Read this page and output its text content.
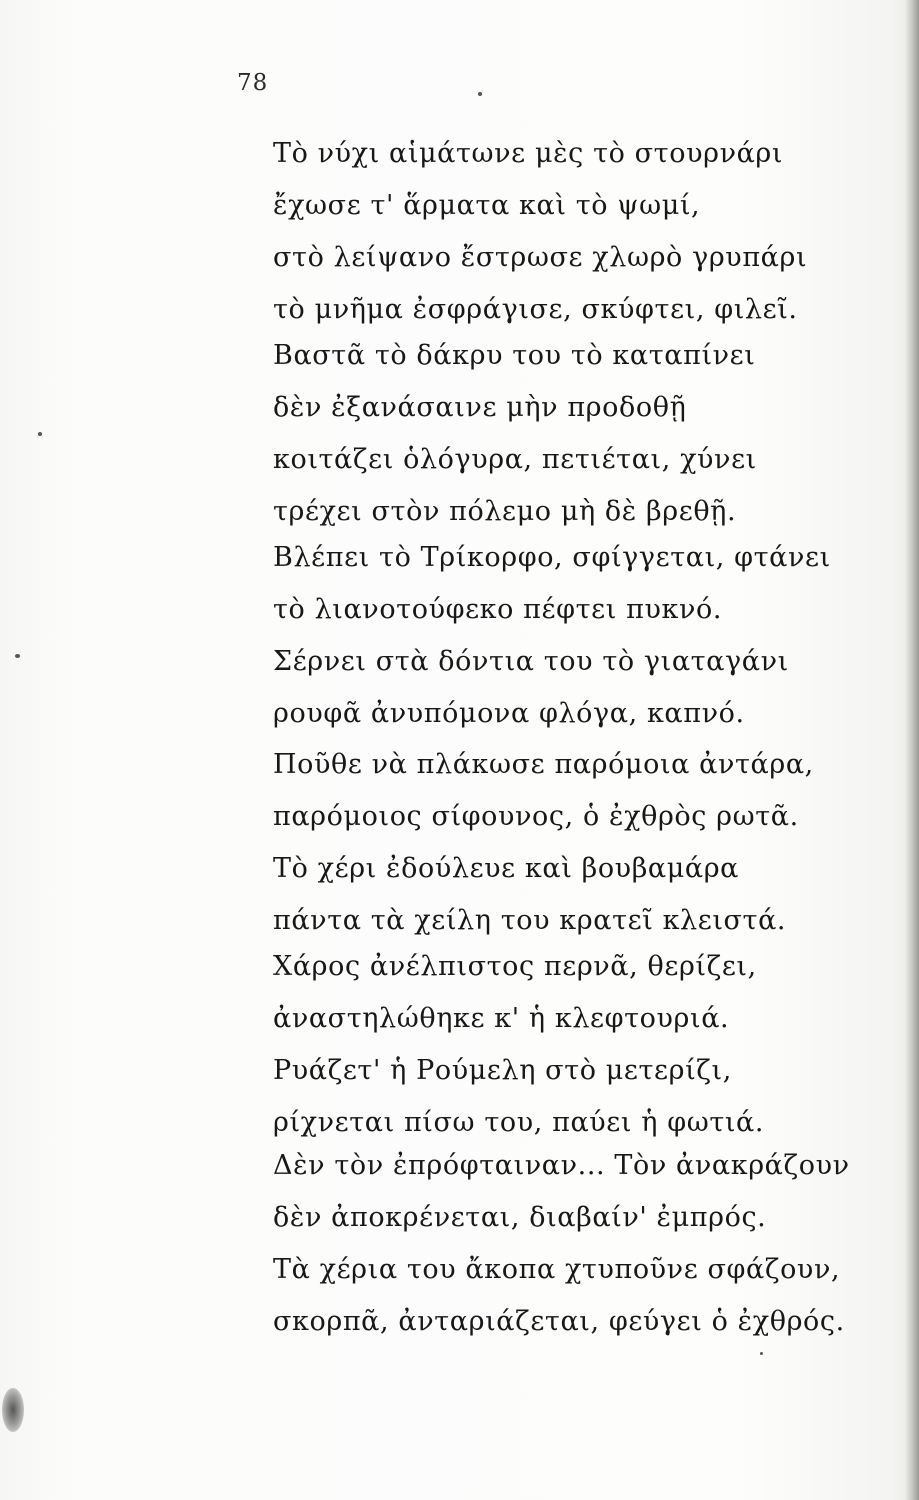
78
Τὸ νύχι αἱμάτωνε μὲς τὸ στουρνάρι
ἔχωσε τ' ἅρματα καὶ τὸ ψωμί,
στὸ λείψανο ἔστρωσε χλωρὸ γρυπάρι
τὸ μνῆμα ἐσφράγισε, σκύφτει, φιλεῖ.
Βαστᾶ τὸ δάκρυ του τὸ καταπίνει
δὲν ἐξανάσαινε μὴν προδοθῇ
κοιτάζει ὁλόγυρα, πετιέται, χύνει
τρέχει στὸν πόλεμο μὴ δὲ βρεθῇ.
Βλέπει τὸ Τρίκορφο, σφίγγεται, φτάνει
τὸ λιανοτούφεκο πέφτει πυκνό.
Σέρνει στὰ δόντια του τὸ γιαταγάνι
ρουφᾶ ἀνυπόμονα φλόγα, καπνό.
Ποῦθε νὰ πλάκωσε παρόμοια ἀντάρα,
παρόμοιος σίφουνος, ὁ ἐχθρὸς ρωτᾶ.
Τὸ χέρι ἐδούλευε καὶ βουβαμάρα
πάντα τὰ χείλη του κρατεῖ κλειστά.
Χάρος ἀνέλπιστος περνᾶ, θερίζει,
ἀναστηλώθηκε κ' ἡ κλεφτουριά.
Ρυάζετ' ἡ Ρούμελη στὸ μετερίζι,
ρίχνεται πίσω του, παύει ἡ φωτιά.
Δὲν τὸν ἐπρόφταιναν... Τὸν ἀνακράζουν
δὲν ἀποκρένεται, διαβαίν' ἐμπρός.
Τὰ χέρια του ἄκοπα χτυποῦνε σφάζουν,
σκορπᾶ, ἀνταριάζεται, φεύγει ὁ ἐχθρός.
